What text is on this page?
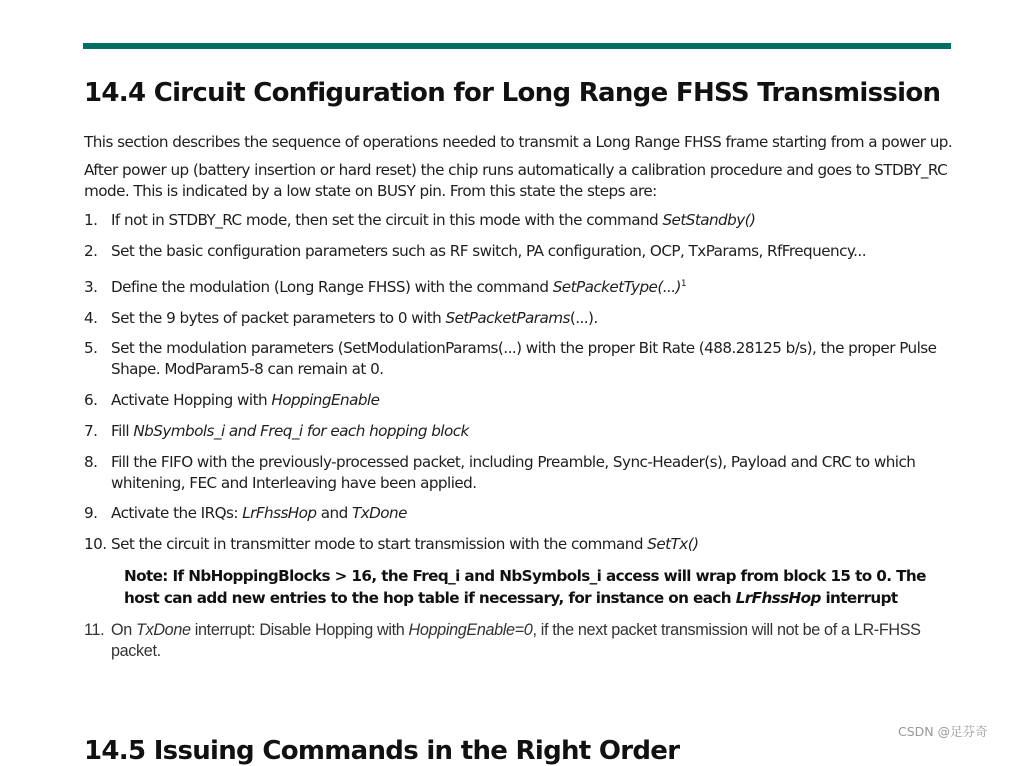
14.4 Circuit Configuration for Long Range FHSS Transmission

This section describes the sequence of operations needed to transmit a Long Range FHSS frame starting from a power up.

After power up (battery insertion or hard reset) the chip runs automatically a calibration procedure and goes to STDBY_RC mode. This is indicated by a low state on BUSY pin. From this state the steps are:

1. If not in STDBY_RC mode, then set the circuit in this mode with the command SetStandby()
2. Set the basic configuration parameters such as RF switch, PA configuration, OCP, TxParams, RfFrequency...
3. Define the modulation (Long Range FHSS) with the command SetPacketType(...)$^1$
4. Set the 9 bytes of packet parameters to 0 with SetPacketParams(...).
5. Set the modulation parameters (SetModulationParams(...) with the proper Bit Rate (488.28125 b/s), the proper Pulse Shape. ModParam5-8 can remain at 0.
6. Activate Hopping with HoppingEnable
7. Fill NbSymbols_i and Freq_i for each hopping block
8. Fill the FIFO with the previously-processed packet, including Preamble, Sync-Header(s), Payload and CRC to which whitening, FEC and Interleaving have been applied.
9. Activate the IRQs: LrFhssHop and TxDone
10. Set the circuit in transmitter mode to start transmission with the command SetTx()

Note: If NbHoppingBlocks > 16, the Freq_i and NbSymbols_i access will wrap from block 15 to 0. The host can add new entries to the hop table if necessary, for instance on each LrFhssHop interrupt

11. On TxDone interrupt: Disable Hopping with HoppingEnable=0, if the next packet transmission will not be of a LR-FHSS packet.
14.5 Issuing Commands in the Right Order
CSDN @足芬奇
